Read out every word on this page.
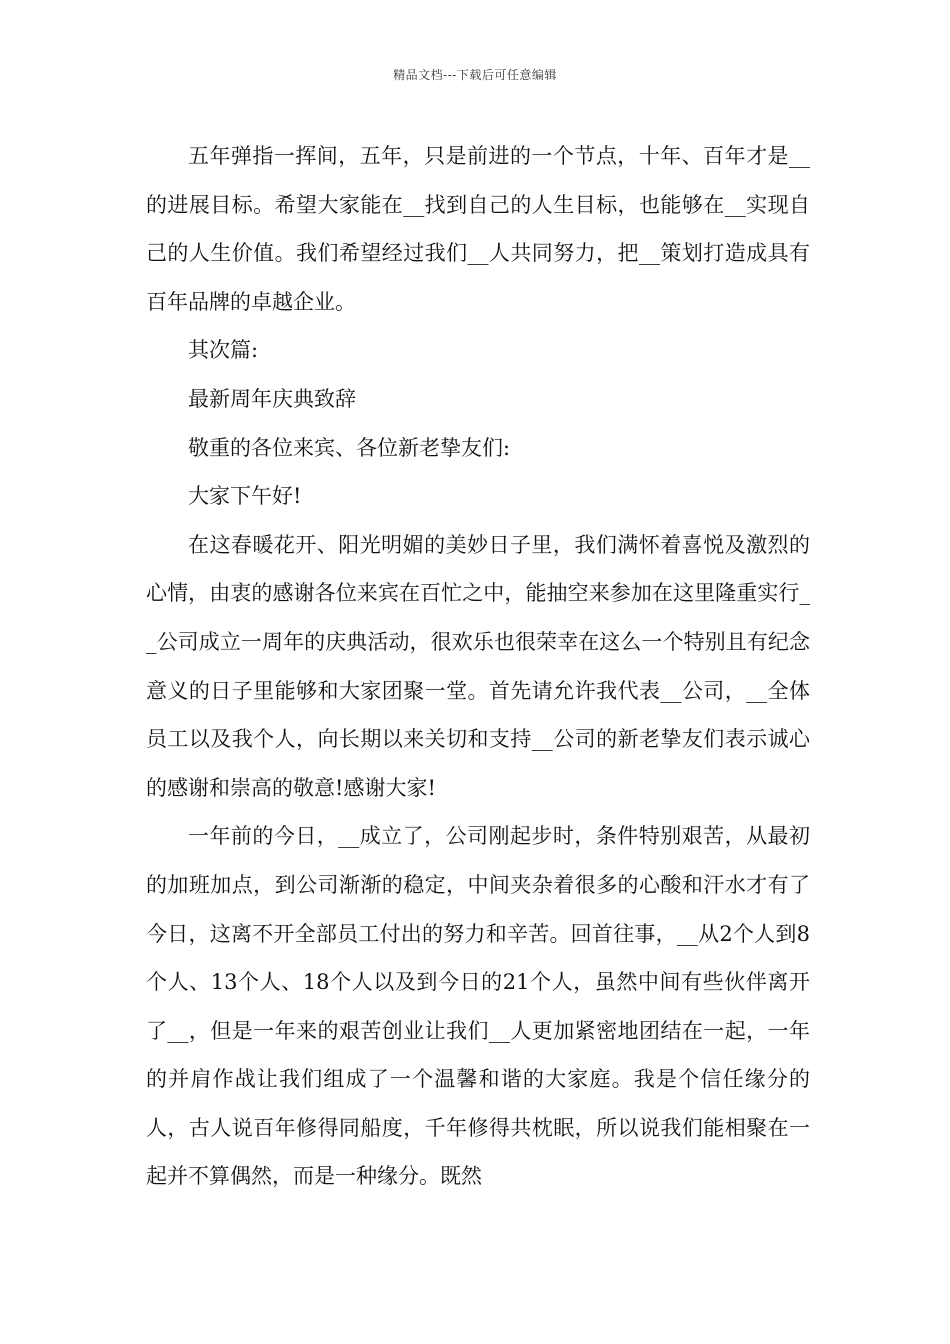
精品文档---下载后可任意编辑

五年弹指一挥间，五年，只是前进的一个节点，十年、百年才是__的进展目标。希望大家能在__找到自己的人生目标，也能够在__实现自己的人生价值。我们希望经过我们__人共同努力，把__策划打造成具有百年品牌的卓越企业。

其次篇:

最新周年庆典致辞

敬重的各位来宾、各位新老挚友们:

大家下午好!

在这春暖花开、阳光明媚的美妙日子里，我们满怀着喜悦及激烈的心情，由衷的感谢各位来宾在百忙之中，能抽空来参加在这里隆重实行__公司成立一周年的庆典活动，很欢乐也很荣幸在这么一个特别且有纪念意义的日子里能够和大家团聚一堂。首先请允许我代表__公司，__全体员工以及我个人，向长期以来关切和支持__公司的新老挚友们表示诚心的感谢和崇高的敬意!感谢大家!

一年前的今日，__成立了，公司刚起步时，条件特别艰苦，从最初的加班加点，到公司渐渐的稳定，中间夹杂着很多的心酸和汗水才有了今日，这离不开全部员工付出的努力和辛苦。回首往事，__从2个人到8个人、13个人、18个人以及到今日的21个人，虽然中间有些伙伴离开了__，但是一年来的艰苦创业让我们__人更加紧密地团结在一起，一年的并肩作战让我们组成了一个温馨和谐的大家庭。我是个信任缘分的人，古人说百年修得同船度，千年修得共枕眠，所以说我们能相聚在一起并不算偶然，而是一种缘分。既然
